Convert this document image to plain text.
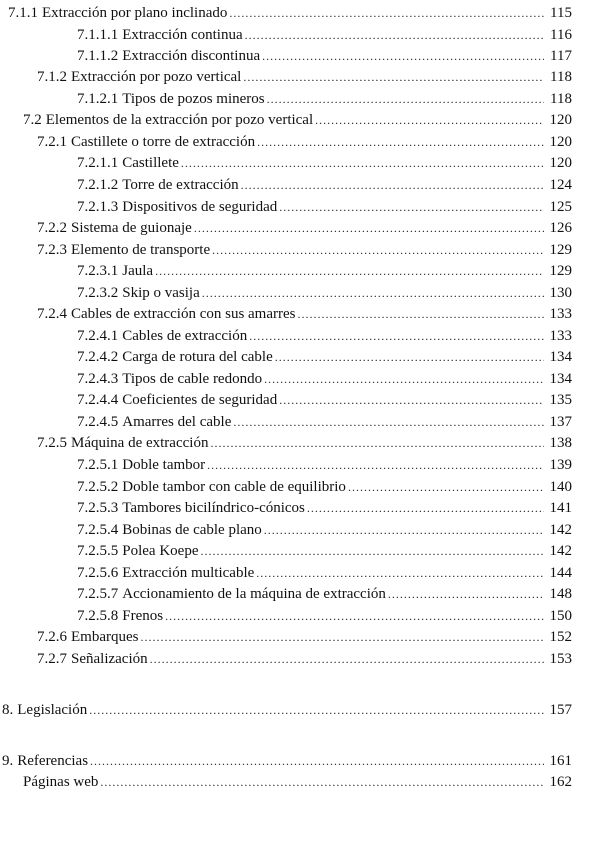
7.1.1 Extracción por plano inclinado .....	115
7.1.1.1 Extracción continua .....	116
7.1.1.2 Extracción discontinua .....	117
7.1.2 Extracción por pozo vertical .....	118
7.1.2.1 Tipos de pozos mineros .....	118
7.2 Elementos de la extracción por pozo vertical .....	120
7.2.1 Castillete o torre de extracción .....	120
7.2.1.1 Castillete .....	120
7.2.1.2 Torre de extracción .....	124
7.2.1.3 Dispositivos de seguridad .....	125
7.2.2 Sistema de guionaje .....	126
7.2.3 Elemento de transporte .....	129
7.2.3.1 Jaula .....	129
7.2.3.2 Skip o vasija .....	130
7.2.4 Cables de extracción con sus amarres .....	133
7.2.4.1 Cables de extracción .....	133
7.2.4.2 Carga de rotura del cable .....	134
7.2.4.3 Tipos de cable redondo .....	134
7.2.4.4 Coeficientes de seguridad .....	135
7.2.4.5 Amarres del cable .....	137
7.2.5 Máquina de extracción .....	138
7.2.5.1 Doble tambor .....	139
7.2.5.2 Doble tambor con cable de equilibrio .....	140
7.2.5.3 Tambores bicilíndrico-cónicos .....	141
7.2.5.4 Bobinas de cable plano .....	142
7.2.5.5 Polea Koepe .....	142
7.2.5.6 Extracción multicable .....	144
7.2.5.7 Accionamiento de la máquina de extracción .....	148
7.2.5.8 Frenos .....	150
7.2.6 Embarques .....	152
7.2.7 Señalización .....	153
8. Legislación .....	157
9. Referencias .....	161
Páginas web .....	162
